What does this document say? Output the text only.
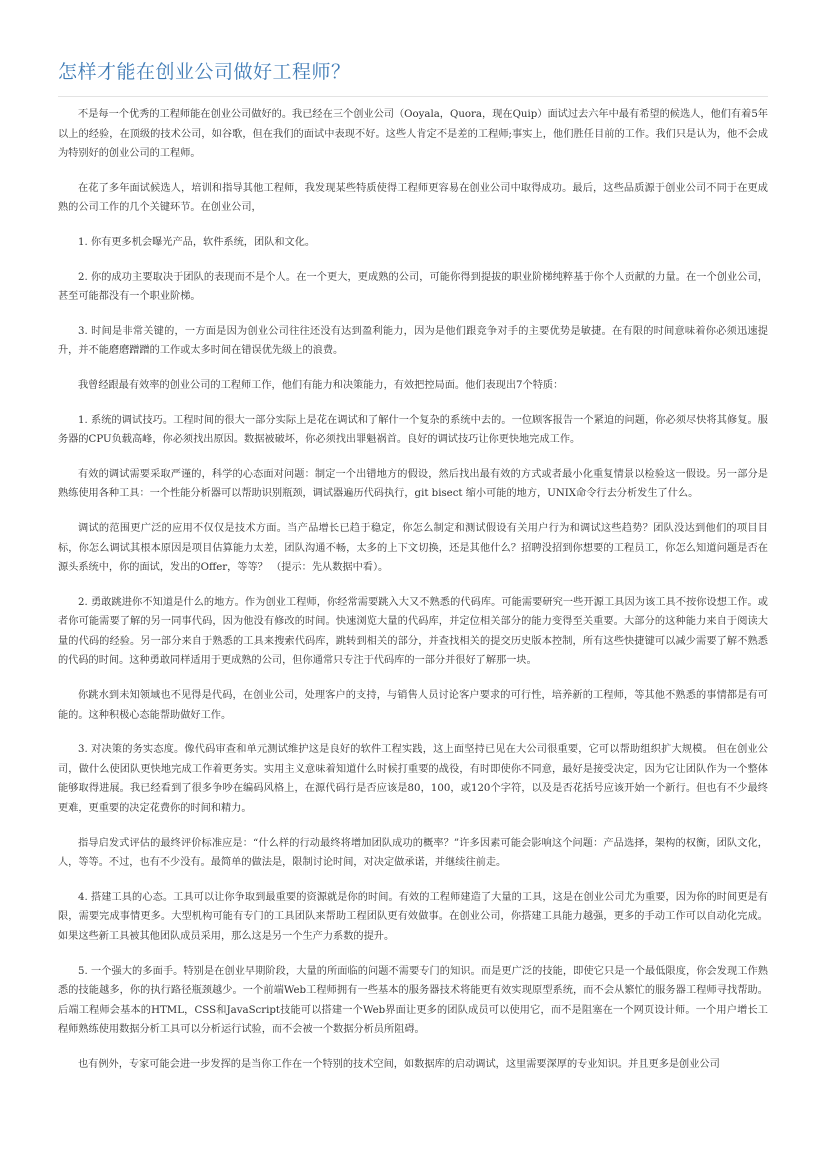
怎样才能在创业公司做好工程师？

不是每一个优秀的工程师能在创业公司做好的。我已经在三个创业公司（Ooyala，Quora，现在Quip）面试过去六年中最有希望的候选人，他们有着5年以上的经验，在顶级的技术公司，如谷歌，但在我们的面试中表现不好。这些人肯定不是差的工程师;事实上，他们胜任目前的工作。我们只是认为，他不会成为特别好的创业公司的工程师。

在花了多年面试候选人，培训和指导其他工程师，我发现某些特质使得工程师更容易在创业公司中取得成功。最后，这些品质源于创业公司不同于在更成熟的公司工作的几个关键环节。在创业公司，

1. 你有更多机会曝光产品，软件系统，团队和文化。

2. 你的成功主要取决于团队的表现而不是个人。在一个更大，更成熟的公司，可能你得到提拔的职业阶梯纯粹基于你个人贡献的力量。在一个创业公司，甚至可能都没有一个职业阶梯。

3. 时间是非常关键的，一方面是因为创业公司往往还没有达到盈利能力，因为是他们跟竞争对手的主要优势是敏捷。在有限的时间意味着你必须迅速提升，并不能磨磨蹭蹭的工作或太多时间在错误优先级上的浪费。

我曾经跟最有效率的创业公司的工程师工作，他们有能力和决策能力，有效把控局面。他们表现出7个特质：

1. 系统的调试技巧。工程时间的很大一部分实际上是花在调试和了解什一个复杂的系统中去的。一位顾客报告一个紧迫的问题，你必须尽快将其修复。服务器的CPU负载高峰，你必须找出原因。数据被破坏，你必须找出罪魁祸首。良好的调试技巧让你更快地完成工作。

有效的调试需要采取严谨的，科学的心态面对问题：制定一个出错地方的假设，然后找出最有效的方式或者最小化重复情景以检验这一假设。另一部分是熟练使用各种工具：一个性能分析器可以帮助识别瓶颈，调试器遍历代码执行，git bisect 缩小可能的地方，UNIX命令行去分析发生了什么。

调试的范围更广泛的应用不仅仅是技术方面。当产品增长已趋于稳定，你怎么制定和测试假设有关用户行为和调试这些趋势？团队没达到他们的项目目标，你怎么调试其根本原因是项目估算能力太差，团队沟通不畅，太多的上下文切换，还是其他什么？招聘没招到你想要的工程员工，你怎么知道问题是否在源头系统中，你的面试，发出的Offer，等等？ （提示：先从数据中看）。

2. 勇敢跳进你不知道是什么的地方。作为创业工程师，你经常需要跳入大又不熟悉的代码库。可能需要研究一些开源工具因为该工具不按你设想工作。或者你可能需要了解的另一同事代码，因为他没有修改的时间。快速浏览大量的代码库，并定位相关部分的能力变得至关重要。大部分的这种能力来自于阅读大量的代码的经验。另一部分来自于熟悉的工具来搜索代码库，跳转到相关的部分，并查找相关的提交历史版本控制，所有这些快捷键可以减少需要了解不熟悉的代码的时间。这种勇敢同样适用于更成熟的公司，但你通常只专注于代码库的一部分并很好了解那一块。

你跳水到未知领域也不见得是代码，在创业公司，处理客户的支持，与销售人员讨论客户要求的可行性，培养新的工程师，等其他不熟悉的事情都是有可能的。这种积极心态能帮助做好工作。

3. 对决策的务实态度。像代码审查和单元测试维护这是良好的软件工程实践，这上面坚持已见在大公司很重要，它可以帮助组织扩大规模。 但在创业公司，做什么使团队更快地完成工作着更务实。实用主义意味着知道什么时候打重要的战役，有时即使你不同意，最好是接受决定，因为它让团队作为一个整体能够取得进展。我已经看到了很多争吵在编码风格上，在源代码行是否应该是80，100，或120个字符，以及是否花括号应该开始一个新行。但也有不少最终更难，更重要的决定花费你的时间和精力。

指导启发式评估的最终评价标准应是：“什么样的行动最终将增加团队成功的概率？”许多因素可能会影响这个问题：产品选择，架构的权衡，团队文化，人，等等。不过，也有不少没有。最简单的做法是，限制讨论时间，对决定做承诺，并继续往前走。

4. 搭建工具的心态。工具可以让你争取到最重要的资源就是你的时间。有效的工程师建造了大量的工具，这是在创业公司尤为重要，因为你的时间更是有限，需要完成事情更多。大型机构可能有专门的工具团队来帮助工程团队更有效做事。在创业公司，你搭建工具能力越强，更多的手动工作可以自动化完成。如果这些新工具被其他团队成员采用，那么这是另一个生产力系数的提升。

5. 一个强大的多面手。特别是在创业早期阶段，大量的所面临的问题不需要专门的知识。而是更广泛的技能，即使它只是一个最低限度，你会发现工作熟悉的技能越多，你的执行路径瓶颈越少。一个前端Web工程师拥有一些基本的服务器技术将能更有效实现原型系统，而不会从繁忙的服务器工程师寻找帮助。后端工程师会基本的HTML，CSS和JavaScript技能可以搭建一个Web界面让更多的团队成员可以使用它，而不是阻塞在一个网页设计师。一个用户增长工程师熟练使用数据分析工具可以分析运行试验，而不会被一个数据分析员所阻碍。

也有例外，专家可能会进一步发挥的是当你工作在一个特别的技术空间，如数据库的启动调试，这里需要深厚的专业知识。并且更多是创业公司
